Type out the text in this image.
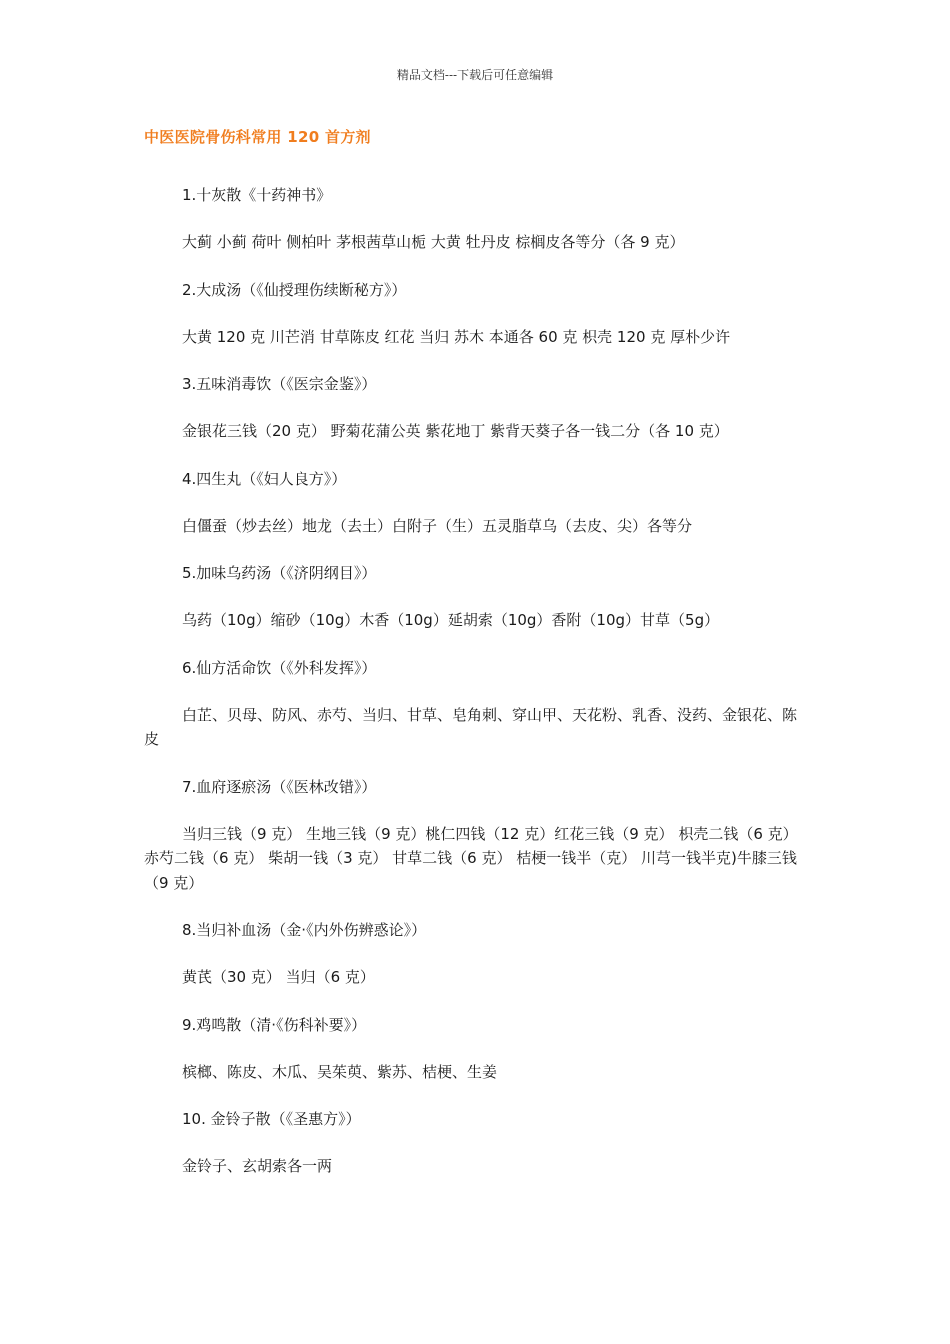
精品文档---下载后可任意编辑
中医医院骨伤科常用 120 首方剂
1.十灰散《十药神书》
大蓟 小蓟 荷叶 侧柏叶 茅根茜草山栀 大黄 牡丹皮 棕榈皮各等分（各 9 克）
2.大成汤（《仙授理伤续断秘方》）
大黄 120 克 川芒消 甘草陈皮 红花 当归 苏木 本通各 60 克 枳壳 120 克 厚朴少许
3.五味消毒饮（《医宗金鉴》）
金银花三钱（20 克） 野菊花蒲公英 紫花地丁 紫背天葵子各一钱二分（各 10 克）
4.四生丸（《妇人良方》）
白僵蚕（炒去丝）地龙（去土）白附子（生）五灵脂草乌（去皮、尖）各等分
5.加味乌药汤（《济阴纲目》）
乌药（10g）缩砂（10g）木香（10g）延胡索（10g）香附（10g）甘草（5g）
6.仙方活命饮（《外科发挥》）
白芷、贝母、防风、赤芍、当归、甘草、皂角刺、穿山甲、天花粉、乳香、没药、金银花、陈皮
7.血府逐瘀汤（《医林改错》）
当归三钱（9 克） 生地三钱（9 克）桃仁四钱（12 克）红花三钱（9 克） 枳壳二钱（6 克） 赤芍二钱（6 克） 柴胡一钱（3 克） 甘草二钱（6 克） 桔梗一钱半（克） 川芎一钱半克)牛膝三钱（9 克）
8.当归补血汤（金·《内外伤辨惑论》）
黄芪（30 克） 当归（6 克）
9.鸡鸣散（清·《伤科补要》）
槟榔、陈皮、木瓜、吴茱萸、紫苏、桔梗、生姜
10. 金铃子散（《圣惠方》）
金铃子、玄胡索各一两
